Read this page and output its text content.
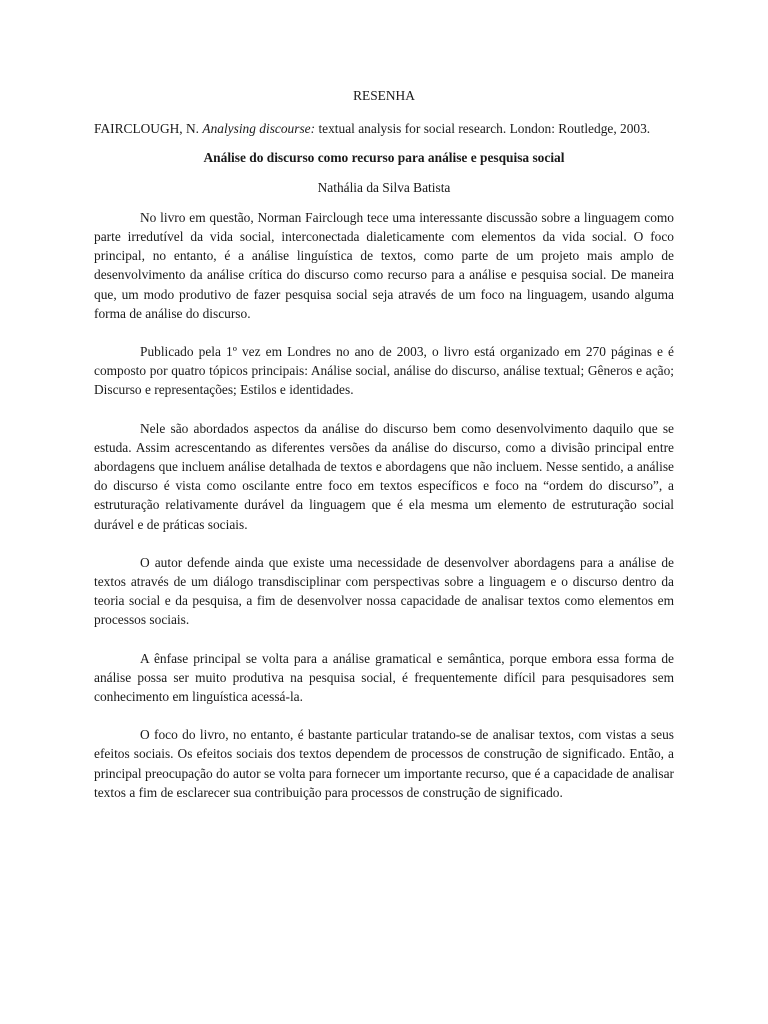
RESENHA
FAIRCLOUGH, N. Analysing discourse: textual analysis for social research. London: Routledge, 2003.
Análise do discurso como recurso para análise e pesquisa social
Nathália da Silva Batista

No livro em questão, Norman Fairclough tece uma interessante discussão sobre a linguagem como parte irredutível da vida social, interconectada dialeticamente com elementos da vida social. O foco principal, no entanto, é a análise linguística de textos, como parte de um projeto mais amplo de desenvolvimento da análise crítica do discurso como recurso para a análise e pesquisa social. De maneira que, um modo produtivo de fazer pesquisa social seja através de um foco na linguagem, usando alguma forma de análise do discurso.

Publicado pela 1º vez em Londres no ano de 2003, o livro está organizado em 270 páginas e é composto por quatro tópicos principais: Análise social, análise do discurso, análise textual; Gêneros e ação; Discurso e representações; Estilos e identidades.

Nele são abordados aspectos da análise do discurso bem como desenvolvimento daquilo que se estuda. Assim acrescentando as diferentes versões da análise do discurso, como a divisão principal entre abordagens que incluem análise detalhada de textos e abordagens que não incluem. Nesse sentido, a análise do discurso é vista como oscilante entre foco em textos específicos e foco na “ordem do discurso”, a estruturação relativamente durável da linguagem que é ela mesma um elemento de estruturação social durável e de práticas sociais.

O autor defende ainda que existe uma necessidade de desenvolver abordagens para a análise de textos através de um diálogo transdisciplinar com perspectivas sobre a linguagem e o discurso dentro da teoria social e da pesquisa, a fim de desenvolver nossa capacidade de analisar textos como elementos em processos sociais.

A ênfase principal se volta para a análise gramatical e semântica, porque embora essa forma de análise possa ser muito produtiva na pesquisa social, é frequentemente difícil para pesquisadores sem conhecimento em linguística acessá-la.

O foco do livro, no entanto, é bastante particular tratando-se de analisar textos, com vistas a seus efeitos sociais. Os efeitos sociais dos textos dependem de processos de construção de significado. Então, a principal preocupação do autor se volta para fornecer um importante recurso, que é a capacidade de analisar textos a fim de esclarecer sua contribuição para processos de construção de significado.
